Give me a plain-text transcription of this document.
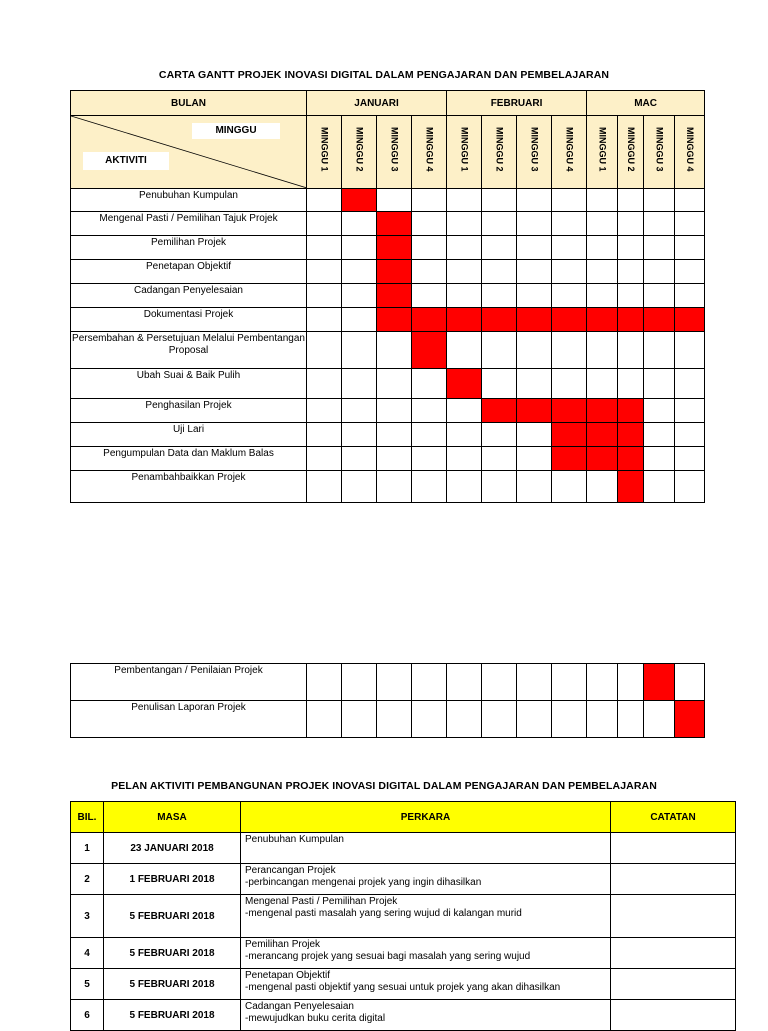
CARTA GANTT PROJEK INOVASI DIGITAL DALAM PENGAJARAN DAN PEMBELAJARAN
BULAN	JANUARI				FEBRUARI				MAC			

MINGGU
AKTIVITI	MINGGU 1	MINGGU 2	MINGGU 3	MINGGU 4	MINGGU 1	MINGGU 2	MINGGU 3	MINGGU 4	MINGGU 1	MINGGU 2	MINGGU 3	MINGGU 4
Penubuhan Kumpulan												
Mengenal Pasti / Pemilihan Tajuk Projek												
Pemilihan Projek												
Penetapan Objektif												
Cadangan Penyelesaian												
Dokumentasi Projek												
Persembahan & Persetujuan Melalui Pembentangan Proposal												
Ubah Suai & Baik Pulih												
Penghasilan Projek												
Uji Lari												
Pengumpulan Data dan Maklum Balas												
Penambahbaikkan Projek												
Pembentangan / Penilaian Projek												
Penulisan Laporan Projek												
PELAN AKTIVITI PEMBANGUNAN PROJEK INOVASI DIGITAL DALAM PENGAJARAN DAN PEMBELAJARAN
BIL.	MASA	PERKARA	CATATAN
1	23 JANUARI 2018	Penubuhan Kumpulan	

2	1 FEBRUARI 2018	Perancangan Projek
-perbincangan mengenai projek yang ingin dihasilkan	

3	5 FEBRUARI 2018	Mengenal Pasti / Pemilihan Projek
-mengenal pasti masalah yang sering wujud di kalangan murid	

4	5 FEBRUARI 2018	Pemilihan Projek
-merancang projek yang sesuai bagi masalah yang sering wujud	

5	5 FEBRUARI 2018	Penetapan Objektif
-mengenal pasti objektif yang sesuai untuk projek yang akan dihasilkan	

6	5 FEBRUARI 2018	Cadangan Penyelesaian
-mewujudkan buku cerita digital	
